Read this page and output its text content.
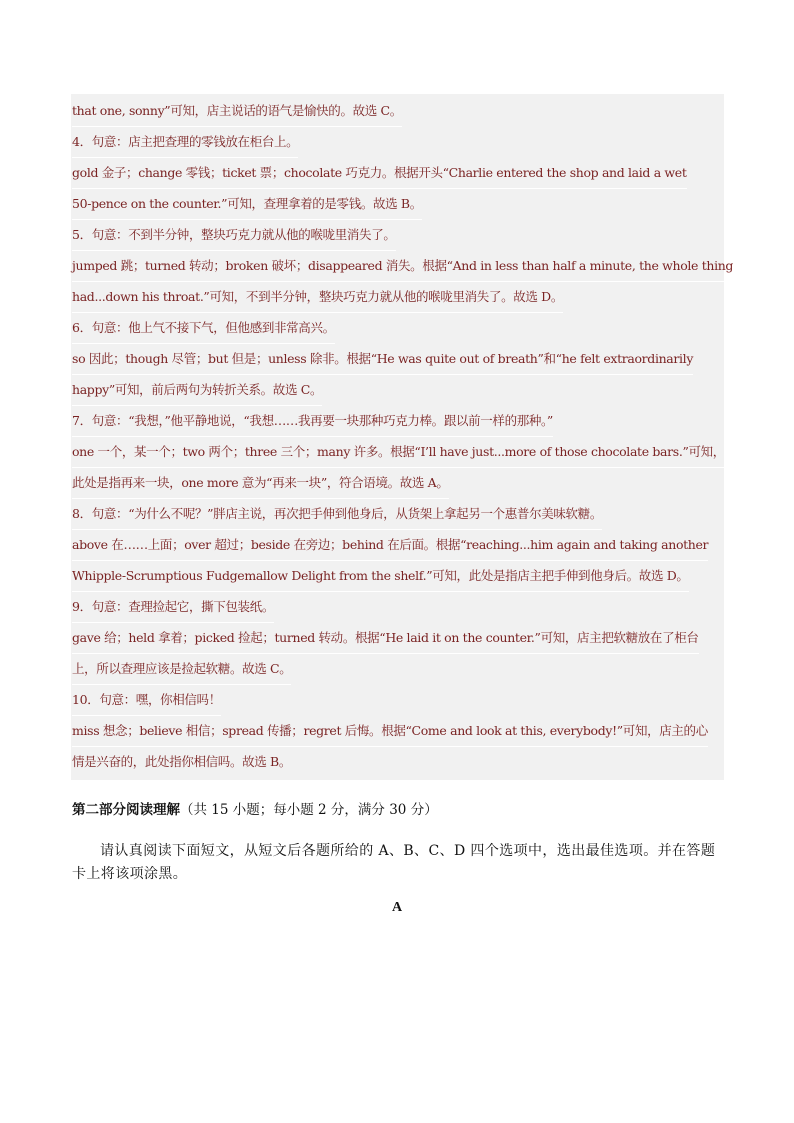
that one, sonny”可知，店主说话的语气是愉快的。故选 C。
4．句意：店主把查理的零钱放在柜台上。
gold 金子；change 零钱；ticket 票；chocolate 巧克力。根据开头“Charlie entered the shop and laid a wet
50-pence on the counter.”可知，查理拿着的是零钱。故选 B。
5．句意：不到半分钟，整块巧克力就从他的喉咙里消失了。
jumped 跳；turned 转动；broken 破坏；disappeared 消失。根据“And in less than half a minute, the whole thing
had...down his throat.”可知，不到半分钟，整块巧克力就从他的喉咙里消失了。故选 D。
6．句意：他上气不接下气，但他感到非常高兴。
so 因此；though 尽管；but 但是；unless 除非。根据“He was quite out of breath”和“he felt extraordinarily
happy”可知，前后两句为转折关系。故选 C。
7．句意：“我想，”他平静地说，“我想……我再要一块那种巧克力棒。跟以前一样的那种。”
one 一个，某一个；two 两个；three 三个；many 许多。根据“I’ll have just...more of those chocolate bars.”可知，
此处是指再来一块，one more 意为“再来一块”，符合语境。故选 A。
8．句意：“为什么不呢？”胖店主说，再次把手伸到他身后，从货架上拿起另一个惠普尔美味软糖。
above 在……上面；over 超过；beside 在旁边；behind 在后面。根据“reaching...him again and taking another
Whipple-Scrumptious Fudgemallow Delight from the shelf.”可知，此处是指店主把手伸到他身后。故选 D。
9．句意：查理捡起它，撕下包装纸。
gave 给；held 拿着；picked 捡起；turned 转动。根据“He laid it on the counter.”可知，店主把软糖放在了柜台
上，所以查理应该是捡起软糖。故选 C。
10．句意：嘿，你相信吗！
miss 想念；believe 相信；spread 传播；regret 后悔。根据“Come and look at this, everybody!”可知，店主的心
情是兴奋的，此处指你相信吗。故选 B。
第二部分阅读理解（共 15 小题；每小题 2 分，满分 30 分）
请认真阅读下面短文，从短文后各题所给的 A、B、C、D 四个选项中，选出最佳选项。并在答题卡上将该项涂黑。
A
